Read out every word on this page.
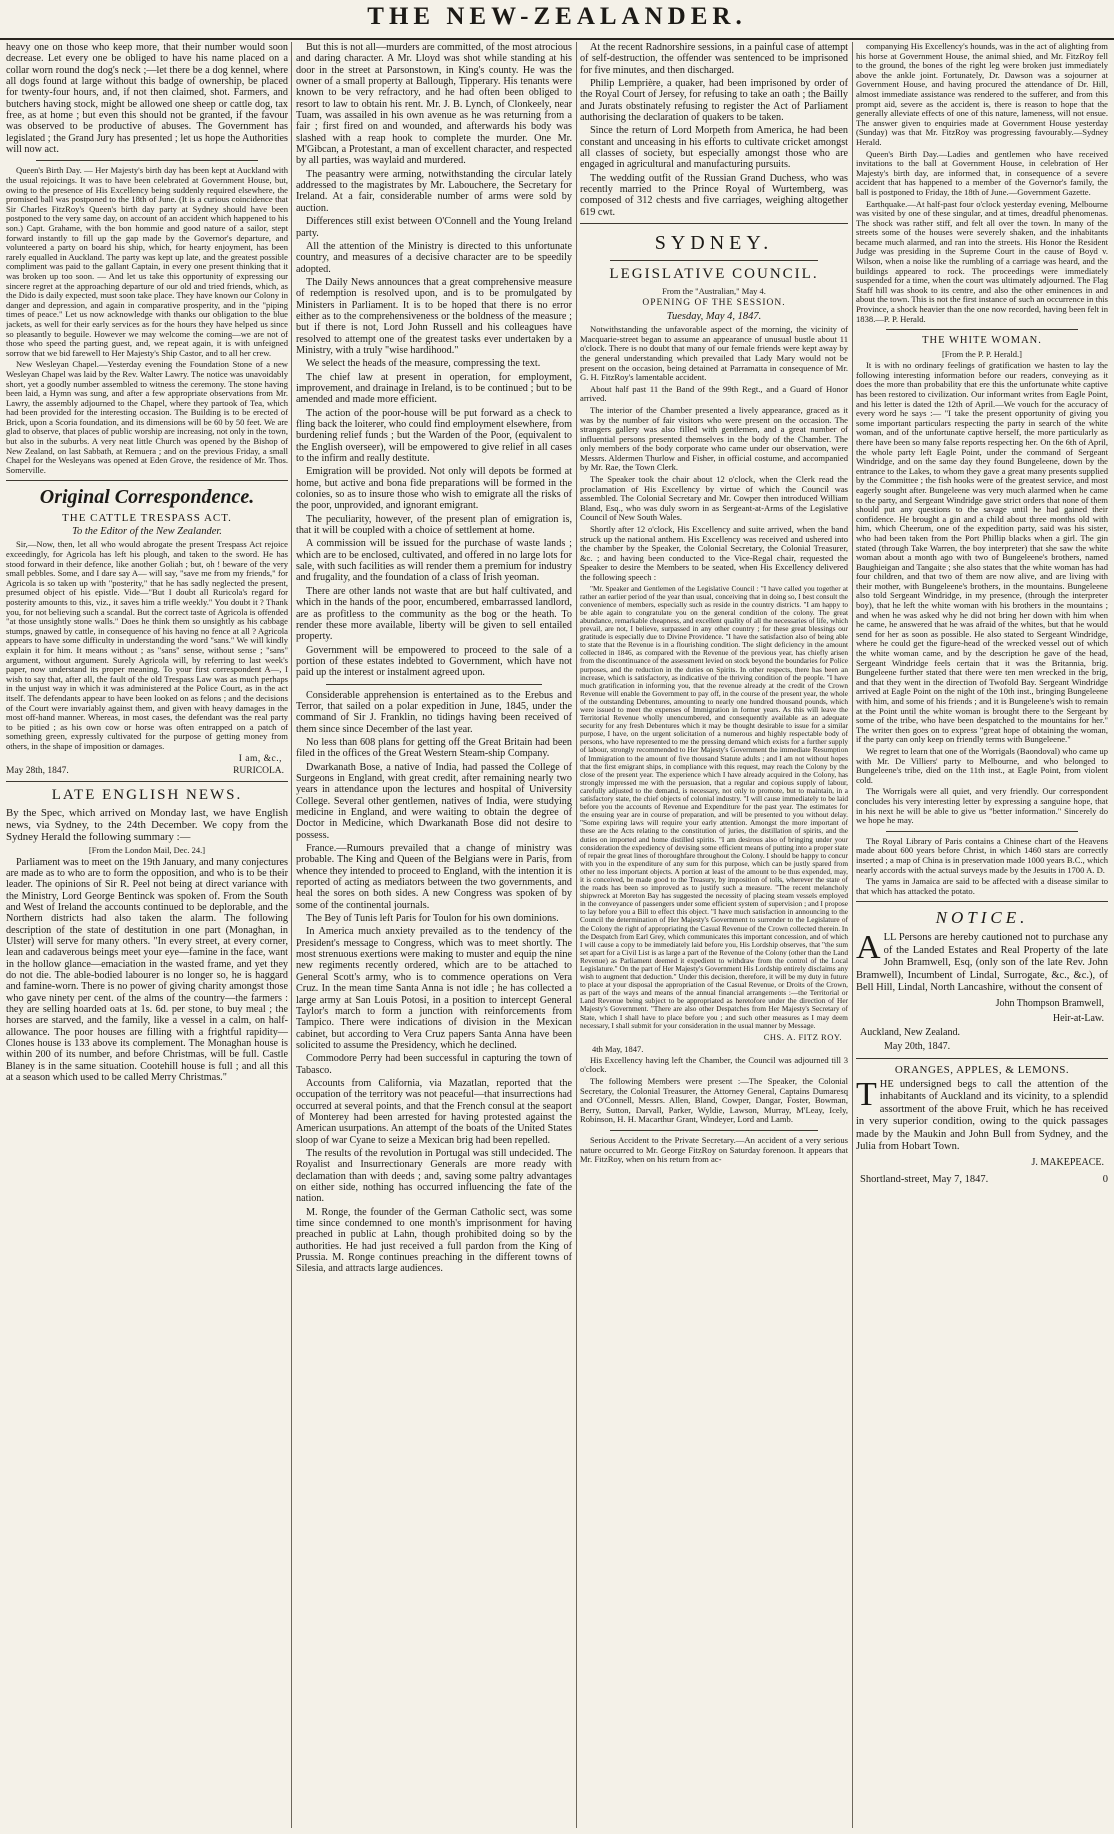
THE NEW-ZEALANDER.

heavy one on those who keep more, that their number would soon decrease. Let every one be obliged to have his name placed on a collar worn round the dog's neck ;—let there be a dog kennel, where all dogs found at large without this badge of ownership, be placed for twenty-four hours, and, if not then claimed, shot. Farmers, and butchers having stock, might be allowed one sheep or cattle dog, tax free, as at home ; but even this should not be granted, if the favour was observed to be productive of abuses. The Government has legislated ; the Grand Jury has presented ; let us hope the Authorities will now act.

Queen's Birth Day. — Her Majesty's birth day has been kept at Auckland with the usual rejoicings. It was to have been celebrated at Government House, but, owing to the presence of His Excellency being suddenly required elsewhere, the promised ball was postponed to the 18th of June. (It is a curious coincidence that Sir Charles FitzRoy's Queen's birth day party at Sydney should have been postponed to the very same day, on account of an accident which happened to his son.) Capt. Grahame, with the bon hommie and good nature of a sailor, stept forward instantly to fill up the gap made by the Governor's departure, and volunteered a party on board his ship, which, for hearty enjoyment, has been rarely equalled in Auckland. The party was kept up late, and the greatest possible compliment was paid to the gallant Captain, in every one present thinking that it was broken up too soon. — And let us take this opportunity of expressing our sincere regret at the approaching departure of our old and tried friends, which, as the Dido is daily expected, must soon take place. They have known our Colony in danger and depression, and again in comparative prosperity, and in the "piping times of peace." Let us now acknowledge with thanks our obligation to the blue jackets, as well for their early services as for the hours they have helped us since so pleasantly to beguile. However we may welcome the coming—we are not of those who speed the parting guest, and, we repeat again, it is with unfeigned sorrow that we bid farewell to Her Majesty's Ship Castor, and to all her crew.

New Wesleyan Chapel.—Yesterday evening the Foundation Stone of a new Wesleyan Chapel was laid by the Rev. Walter Lawry. The notice was unavoidably short, yet a goodly number assembled to witness the ceremony. The stone having been laid, a Hymn was sung, and after a few appropriate observations from Mr. Lawry, the assembly adjourned to the Chapel, where they partook of Tea, which had been provided for the interesting occasion. The Building is to be erected of Brick, upon a Scoria foundation, and its dimensions will be 60 by 50 feet. We are glad to observe, that places of public worship are increasing, not only in the town, but also in the suburbs. A very neat little Church was opened by the Bishop of New Zealand, on last Sabbath, at Remuera ; and on the previous Friday, a small Chapel for the Wesleyans was opened at Eden Grove, the residence of Mr. Thos. Somerville.

Original Correspondence.
THE CATTLE TRESPASS ACT.
To the Editor of the New Zealander.

Sir,—Now, then, let all who would abrogate the present Trespass Act rejoice exceedingly, for Agricola has left his plough, and taken to the sword. He has stood forward in their defence, like another Goliah ; but, oh ! beware of the very small pebbles. Some, and I dare say A— will say, "save me from my friends," for Agricola is so taken up with "posterity," that he has sadly neglected the present, presumed object of his epistle. Vide—"But I doubt all Ruricola's regard for posterity amounts to this, viz., it saves him a trifle weekly." You doubt it ? Thank you, for not believing such a scandal. But the correct taste of Agricola is offended "at those unsightly stone walls." Does he think them so unsightly as his cabbage stumps, gnawed by cattle, in consequence of his having no fence at all ? Agricola appears to have some difficulty in understanding the word "sans." We will kindly explain it for him. It means without ; as "sans" sense, without sense ; "sans" argument, without argument. Surely Agricola will, by referring to last week's paper, now understand its proper meaning. To your first correspondent A—, I wish to say that, after all, the fault of the old Trespass Law was as much perhaps in the unjust way in which it was administered at the Police Court, as in the act itself. The defendants appear to have been looked on as felons ; and the decisions of the Court were invariably against them, and given with heavy damages in the most off-hand manner. Whereas, in most cases, the defendant was the real party to be pitied ; as his own cow or horse was often entrapped on a patch of something green, expressly cultivated for the purpose of getting money from others, in the shape of imposition or damages.

I am, &c.,
May 28th, 1847.	RURICOLA.
LATE ENGLISH NEWS.

By the Spec, which arrived on Monday last, we have English news, via Sydney, to the 24th December. We copy from the Sydney Herald the following summary :—

[From the London Mail, Dec. 24.]

Parliament was to meet on the 19th January, and many conjectures are made as to who are to form the opposition, and who is to be their leader. The opinions of Sir R. Peel not being at direct variance with the Ministry, Lord George Bentinck was spoken of. From the South and West of Ireland the accounts continued to be deplorable, and the Northern districts had also taken the alarm. The following description of the state of destitution in one part (Monaghan, in Ulster) will serve for many others. "In every street, at every corner, lean and cadaverous beings meet your eye—famine in the face, want in the hollow glance—emaciation in the wasted frame, and yet they do not die. The able-bodied labourer is no longer so, he is haggard and famine-worn. There is no power of giving charity amongst those who gave ninety per cent. of the alms of the country—the farmers : they are selling hoarded oats at 1s. 6d. per stone, to buy meal ; the horses are starved, and the family, like a vessel in a calm, on half-allowance. The poor houses are filling with a frightful rapidity—Clones house is 133 above its complement. The Monaghan house is within 200 of its number, and before Christmas, will be full. Castle Blaney is in the same situation. Cootehill house is full ; and all this at a season which used to be called Merry Christmas."

But this is not all—murders are committed, of the most atrocious and daring character. A Mr. Lloyd was shot while standing at his door in the street at Parsonstown, in King's county. He was the owner of a small property at Ballough, Tipperary. His tenants were known to be very refractory, and he had often been obliged to resort to law to obtain his rent. Mr. J. B. Lynch, of Clonkeely, near Tuam, was assailed in his own avenue as he was returning from a fair ; first fired on and wounded, and afterwards his body was slashed with a reap hook to complete the murder. One Mr. M'Gibcan, a Protestant, a man of excellent character, and respected by all parties, was waylaid and murdered.

The peasantry were arming, notwithstanding the circular lately addressed to the magistrates by Mr. Labouchere, the Secretary for Ireland. At a fair, considerable number of arms were sold by auction.

Differences still exist between O'Connell and the Young Ireland party.

All the attention of the Ministry is directed to this unfortunate country, and measures of a decisive character are to be speedily adopted.

The Daily News announces that a great comprehensive measure of redemption is resolved upon, and is to be promulgated by Ministers in Parliament. It is to be hoped that there is no error either as to the comprehensiveness or the boldness of the measure ; but if there is not, Lord John Russell and his colleagues have resolved to attempt one of the greatest tasks ever undertaken by a Ministry, with a truly "wise hardihood."

We select the heads of the measure, compressing the text.

The chief law at present in operation, for employment, improvement, and drainage in Ireland, is to be continued ; but to be amended and made more efficient.

The action of the poor-house will be put forward as a check to fling back the loiterer, who could find employment elsewhere, from burdening relief funds ; but the Warden of the Poor, (equivalent to the English overseer), will be empowered to give relief in all cases to the infirm and really destitute.

Emigration will be provided. Not only will depots be formed at home, but active and bona fide preparations will be formed in the colonies, so as to insure those who wish to emigrate all the risks of the poor, unprovided, and ignorant emigrant.

The peculiarity, however, of the present plan of emigration is, that it will be coupled with a choice of settlement at home.

A commission will be issued for the purchase of waste lands ; which are to be enclosed, cultivated, and offered in no large lots for sale, with such facilities as will render them a premium for industry and frugality, and the foundation of a class of Irish yeoman.

There are other lands not waste that are but half cultivated, and which in the hands of the poor, encumbered, embarrassed landlord, are as profitless to the community as the bog or the heath. To render these more available, liberty will be given to sell entailed property.

Government will be empowered to proceed to the sale of a portion of these estates indebted to Government, which have not paid up the interest or instalment agreed upon.

Considerable apprehension is entertained as to the Erebus and Terror, that sailed on a polar expedition in June, 1845, under the command of Sir J. Franklin, no tidings having been received of them since since December of the last year.

No less than 608 plans for getting off the Great Britain had been filed in the offices of the Great Western Steam-ship Company.

Dwarkanath Bose, a native of India, had passed the College of Surgeons in England, with great credit, after remaining nearly two years in attendance upon the lectures and hospital of University College. Several other gentlemen, natives of India, were studying medicine in England, and were waiting to obtain the degree of Doctor in Medicine, which Dwarkanath Bose did not desire to possess.

France.—Rumours prevailed that a change of ministry was probable. The King and Queen of the Belgians were in Paris, from whence they intended to proceed to England, with the intention it is reported of acting as mediators between the two governments, and heal the sores on both sides. A new Congress was spoken of by some of the continental journals.

The Bey of Tunis left Paris for Toulon for his own dominions.

In America much anxiety prevailed as to the tendency of the President's message to Congress, which was to meet shortly. The most strenuous exertions were making to muster and equip the nine new regiments recently ordered, which are to be attached to General Scott's army, who is to commence operations on Vera Cruz. In the mean time Santa Anna is not idle ; he has collected a large army at San Louis Potosi, in a position to intercept General Taylor's march to form a junction with reinforcements from Tampico. There were indications of division in the Mexican cabinet, but according to Vera Cruz papers Santa Anna have been solicited to assume the Presidency, which he declined.

Commodore Perry had been successful in capturing the town of Tabasco.

Accounts from California, via Mazatlan, reported that the occupation of the territory was not peaceful—that insurrections had occurred at several points, and that the French consul at the seaport of Monterey had been arrested for having protested against the American usurpations. An attempt of the boats of the United States sloop of war Cyane to seize a Mexican brig had been repelled.

The results of the revolution in Portugal was still undecided. The Royalist and Insurrectionary Generals are more ready with declamation than with deeds ; and, saving some paltry advantages on either side, nothing has occurred influencing the fate of the nation.

M. Ronge, the founder of the German Catholic sect, was some time since condemned to one month's imprisonment for having preached in public at Lahn, though prohibited doing so by the authorities. He had just received a full pardon from the King of Prussia. M. Ronge continues preaching in the different towns of Silesia, and attracts large audiences.

At the recent Radnorshire sessions, in a painful case of attempt of self-destruction, the offender was sentenced to be imprisoned for five minutes, and then discharged.

Philip Lemprière, a quaker, had been imprisoned by order of the Royal Court of Jersey, for refusing to take an oath ; the Bailly and Jurats obstinately refusing to register the Act of Parliament authorising the declaration of quakers to be taken.

Since the return of Lord Morpeth from America, he had been constant and unceasing in his efforts to cultivate cricket amongst all classes of society, but especially amongst those who are engaged in agricultural and manufacturing pursuits.

The wedding outfit of the Russian Grand Duchess, who was recently married to the Prince Royal of Wurtemberg, was composed of 312 chests and five carriages, weighing altogether 619 cwt.

SYDNEY.
LEGISLATIVE COUNCIL.
From the "Australian," May 4.
OPENING OF THE SESSION.
Tuesday, May 4, 1847.

Notwithstanding the unfavorable aspect of the morning, the vicinity of Macquarie-street began to assume an appearance of unusual bustle about 11 o'clock. There is no doubt that many of our female friends were kept away by the general understanding which prevailed that Lady Mary would not be present on the occasion, being detained at Parramatta in consequence of Mr. G. H. FitzRoy's lamentable accident.

About half past 11 the Band of the 99th Regt., and a Guard of Honor arrived.

The interior of the Chamber presented a lively appearance, graced as it was by the number of fair visitors who were present on the occasion. The strangers gallery was also filled with gentlemen, and a great number of influential persons presented themselves in the body of the Chamber. The only members of the body corporate who came under our observation, were Messrs. Aldermen Thurlow and Fisher, in official costume, and accompanied by Mr. Rae, the Town Clerk.

The Speaker took the chair about 12 o'clock, when the Clerk read the proclamation of His Excellency by virtue of which the Council was assembled. The Colonial Secretary and Mr. Cowper then introduced William Bland, Esq., who was duly sworn in as Sergeant-at-Arms of the Legislative Council of New South Wales.

Shortly after 12 o'clock, His Excellency and suite arrived, when the band struck up the national anthem. His Excellency was received and ushered into the chamber by the Speaker, the Colonial Secretary, the Colonial Treasurer, &c. ; and having been conducted to the Vice-Regal chair, requested the Speaker to desire the Members to be seated, when His Excellency delivered the following speech :

"Mr. Speaker and Gentlemen of the Legislative Council : "I have called you together at rather an earlier period of the year than usual, conceiving that in doing so, I best consult the convenience of members, especially such as reside in the country districts. "I am happy to be able again to congratulate you on the general condition of the colony. The great abundance, remarkable cheapness, and excellent quality of all the necessaries of life, which prevail, are not, I believe, surpassed in any other country ; for these great blessings our gratitude is especially due to Divine Providence. "I have the satisfaction also of being able to state that the Revenue is in a flourishing condition. The slight deficiency in the amount collected in 1846, as compared with the Revenue of the previous year, has chiefly arisen from the discontinuance of the assessment levied on stock beyond the boundaries for Police purposes, and the reduction in the duties on Spirits. In other respects, there has been an increase, which is satisfactory, as indicative of the thriving condition of the people. "I have much gratification in informing you, that the revenue already at the credit of the Crown Revenue will enable the Government to pay off, in the course of the present year, the whole of the outstanding Debentures, amounting to nearly one hundred thousand pounds, which were issued to meet the expenses of Immigration in former years. As this will leave the Territorial Revenue wholly unencumbered, and consequently available as an adequate security for any fresh Debentures which it may be thought desirable to issue for a similar purpose, I have, on the urgent solicitation of a numerous and highly respectable body of persons, who have represented to me the pressing demand which exists for a further supply of labour, strongly recommended to Her Majesty's Government the immediate Resumption of Immigration to the amount of five thousand Statute adults ; and I am not without hopes that the first emigrant ships, in compliance with this request, may reach the Colony by the close of the present year. The experience which I have already acquired in the Colony, has strongly impressed me with the persuasion, that a regular and copious supply of labour, carefully adjusted to the demand, is necessary, not only to promote, but to maintain, in a satisfactory state, the chief objects of colonial industry. "I will cause immediately to be laid before you the accounts of Revenue and Expenditure for the past year. The estimates for the ensuing year are in course of preparation, and will be presented to you without delay. "Some expiring laws will require your early attention. Amongst the more important of these are the Acts relating to the constitution of juries, the distillation of spirits, and the duties on imported and home distilled spirits. "I am desirous also of bringing under your consideration the expediency of devising some efficient means of putting into a proper state of repair the great lines of thoroughfare throughout the Colony. I should be happy to concur with you in the expenditure of any sum for this purpose, which can be justly spared from other no less important objects. A portion at least of the amount to be thus expended, may, it is conceived, be made good to the Treasury, by imposition of tolls, wherever the state of the roads has been so improved as to justify such a measure. "The recent melancholy shipwreck at Moreton Bay has suggested the necessity of placing steam vessels employed in the conveyance of passengers under some efficient system of supervision ; and I propose to lay before you a Bill to effect this object. "I have much satisfaction in announcing to the Council the determination of Her Majesty's Government to surrender to the Legislature of the Colony the right of appropriating the Casual Revenue of the Crown collected therein. In the Despatch from Earl Grey, which communicates this important concession, and of which I will cause a copy to be immediately laid before you, His Lordship observes, that "the sum set apart for a Civil List is as large a part of the Revenue of the Colony (other than the Land Revenue) as Parliament deemed it expedient to withdraw from the control of the Local Legislature." On the part of Her Majesty's Government His Lordship entirely disclaims any wish to augment that deduction." Under this decision, therefore, it will be my duty in future to place at your disposal the appropriation of the Casual Revenue, or Droits of the Crown, as part of the ways and means of the annual financial arrangements :—the Territorial or Land Revenue being subject to be appropriated as heretofore under the direction of Her Majesty's Government. "There are also other Despatches from Her Majesty's Secretary of State, which I shall have to place before you ; and such other measures as I may deem necessary, I shall submit for your consideration in the usual manner by Message.

CHS. A. FITZ ROY.
4th May, 1847.

His Excellency having left the Chamber, the Council was adjourned till 3 o'clock.

The following Members were present :—The Speaker, the Colonial Secretary, the Colonial Treasurer, the Attorney General, Captains Dumaresq and O'Connell, Messrs. Allen, Bland, Cowper, Dangar, Foster, Bowman, Berry, Sutton, Darvall, Parker, Wyldie, Lawson, Murray, M'Leay, Icely, Robinson, H. H. Macarthur Grant, Windeyer, Lord and Lamb.

Serious Accident to the Private Secretary.—An accident of a very serious nature occurred to Mr. George FitzRoy on Saturday forenoon. It appears that Mr. FitzRoy, when on his return from ac-

companying His Excellency's hounds, was in the act of alighting from his horse at Government House, the animal shied, and Mr. FitzRoy fell to the ground, the bones of the right leg were broken just immediately above the ankle joint. Fortunately, Dr. Dawson was a sojourner at Government House, and having procured the attendance of Dr. Hill, almost immediate assistance was rendered to the sufferer, and from this prompt aid, severe as the accident is, there is reason to hope that the generally alleviate effects of one of this nature, lameness, will not ensue. The answer given to enquiries made at Government House yesterday (Sunday) was that Mr. FitzRoy was progressing favourably.—Sydney Herald.

Queen's Birth Day.—Ladies and gentlemen who have received invitations to the ball at Government House, in celebration of Her Majesty's birth day, are informed that, in consequence of a severe accident that has happened to a member of the Governor's family, the ball is postponed to Friday, the 18th of June.—Government Gazette.

Earthquake.—At half-past four o'clock yesterday evening, Melbourne was visited by one of these singular, and at times, dreadful phenomenas. The shock was rather stiff, and felt all over the town. In many of the streets some of the houses were severely shaken, and the inhabitants became much alarmed, and ran into the streets. His Honor the Resident Judge was presiding in the Supreme Court in the cause of Boyd v. Wilson, when a noise like the rumbling of a carriage was heard, and the buildings appeared to rock. The proceedings were immediately suspended for a time, when the court was ultimately adjourned. The Flag Staff hill was shook to its centre, and also the other eminences in and about the town. This is not the first instance of such an occurrence in this Province, a shock heavier than the one now recorded, having been felt in 1838.—P. P. Herald.

THE WHITE WOMAN.
[From the P. P. Herald.]

It is with no ordinary feelings of gratification we hasten to lay the following interesting information before our readers, conveying as it does the more than probability that ere this the unfortunate white captive has been restored to civilization. Our informant writes from Eagle Point, and his letter is dated the 12th of April.—We vouch for the accuracy of every word he says :— "I take the present opportunity of giving you some important particulars respecting the party in search of the white woman, and of the unfortunate captive herself, the more particularly as there have been so many false reports respecting her. On the 6th of April, the whole party left Eagle Point, under the command of Sergeant Windridge, and on the same day they found Bungeleene, down by the entrance to the Lakes, to whom they gave a great many presents supplied by the Committee ; the fish hooks were of the greatest service, and most eagerly sought after. Bungeleene was very much alarmed when he came to the party, and Sergeant Windridge gave strict orders that none of them should put any questions to the savage until he had gained their confidence. He brought a gin and a child about three months old with him, which Cheerum, one of the expedition party, said was his sister, who had been taken from the Port Phillip blacks when a girl. The gin stated (through Take Warren, the boy interpreter) that she saw the white woman about a month ago with two of Bungeleene's brothers, named Baughieigan and Tangaite ; she also states that the white woman has had four children, and that two of them are now alive, and are living with their mother, with Bungeleene's brothers, in the mountains. Bungeleene also told Sergeant Windridge, in my presence, (through the interpreter boy), that he left the white woman with his brothers in the mountains ; and when he was asked why he did not bring her down with him when he came, he answered that he was afraid of the whites, but that he would send for her as soon as possible. He also stated to Sergeant Windridge, where he could get the figure-head of the wrecked vessel out of which the white woman came, and by the description he gave of the head, Sergeant Windridge feels certain that it was the Britannia, brig. Bungeleene further stated that there were ten men wrecked in the brig, and that they went in the direction of Twofold Bay. Sergeant Windridge arrived at Eagle Point on the night of the 10th inst., bringing Bungeleene with him, and some of his friends ; and it is Bungeleene's wish to remain at the Point until the white woman is brought there to the Sergeant by some of the tribe, who have been despatched to the mountains for her." The writer then goes on to express "great hope of obtaining the woman, if the party can only keep on friendly terms with Bungeleene."

We regret to learn that one of the Worrigals (Baondoval) who came up with Mr. De Villiers' party to Melbourne, and who belonged to Bungeleene's tribe, died on the 11th inst., at Eagle Point, from violent cold.

The Worrigals were all quiet, and very friendly. Our correspondent concludes his very interesting letter by expressing a sanguine hope, that in his next he will be able to give us "better information." Sincerely do we hope he may.

The Royal Library of Paris contains a Chinese chart of the Heavens made about 600 years before Christ, in which 1460 stars are correctly inserted ; a map of China is in preservation made 1000 years B.C., which nearly accords with the actual surveys made by the Jesuits in 1700 A. D.

The yams in Jamaica are said to be affected with a disease similar to that which has attacked the potato.

NOTICE.

ALL Persons are hereby cautioned not to purchase any of the Landed Estates and Real Property of the late John Bramwell, Esq, (only son of the late Rev. John Bramwell), Incumbent of Lindal, Surrogate, &c., &c.), of Bell Hill, Lindal, North Lancashire, without the consent of

John Thompson Bramwell,
Heir-at-Law.
Auckland, New Zealand.
May 20th, 1847.
ORANGES, APPLES, & LEMONS.

THE undersigned begs to call the attention of the inhabitants of Auckland and its vicinity, to a splendid assortment of the above Fruit, which he has received in very superior condition, owing to the quick passages made by the Maukin and John Bull from Sydney, and the Julia from Hobart Town.

J. MAKEPEACE.
Shortland-street, May 7, 1847.	0
